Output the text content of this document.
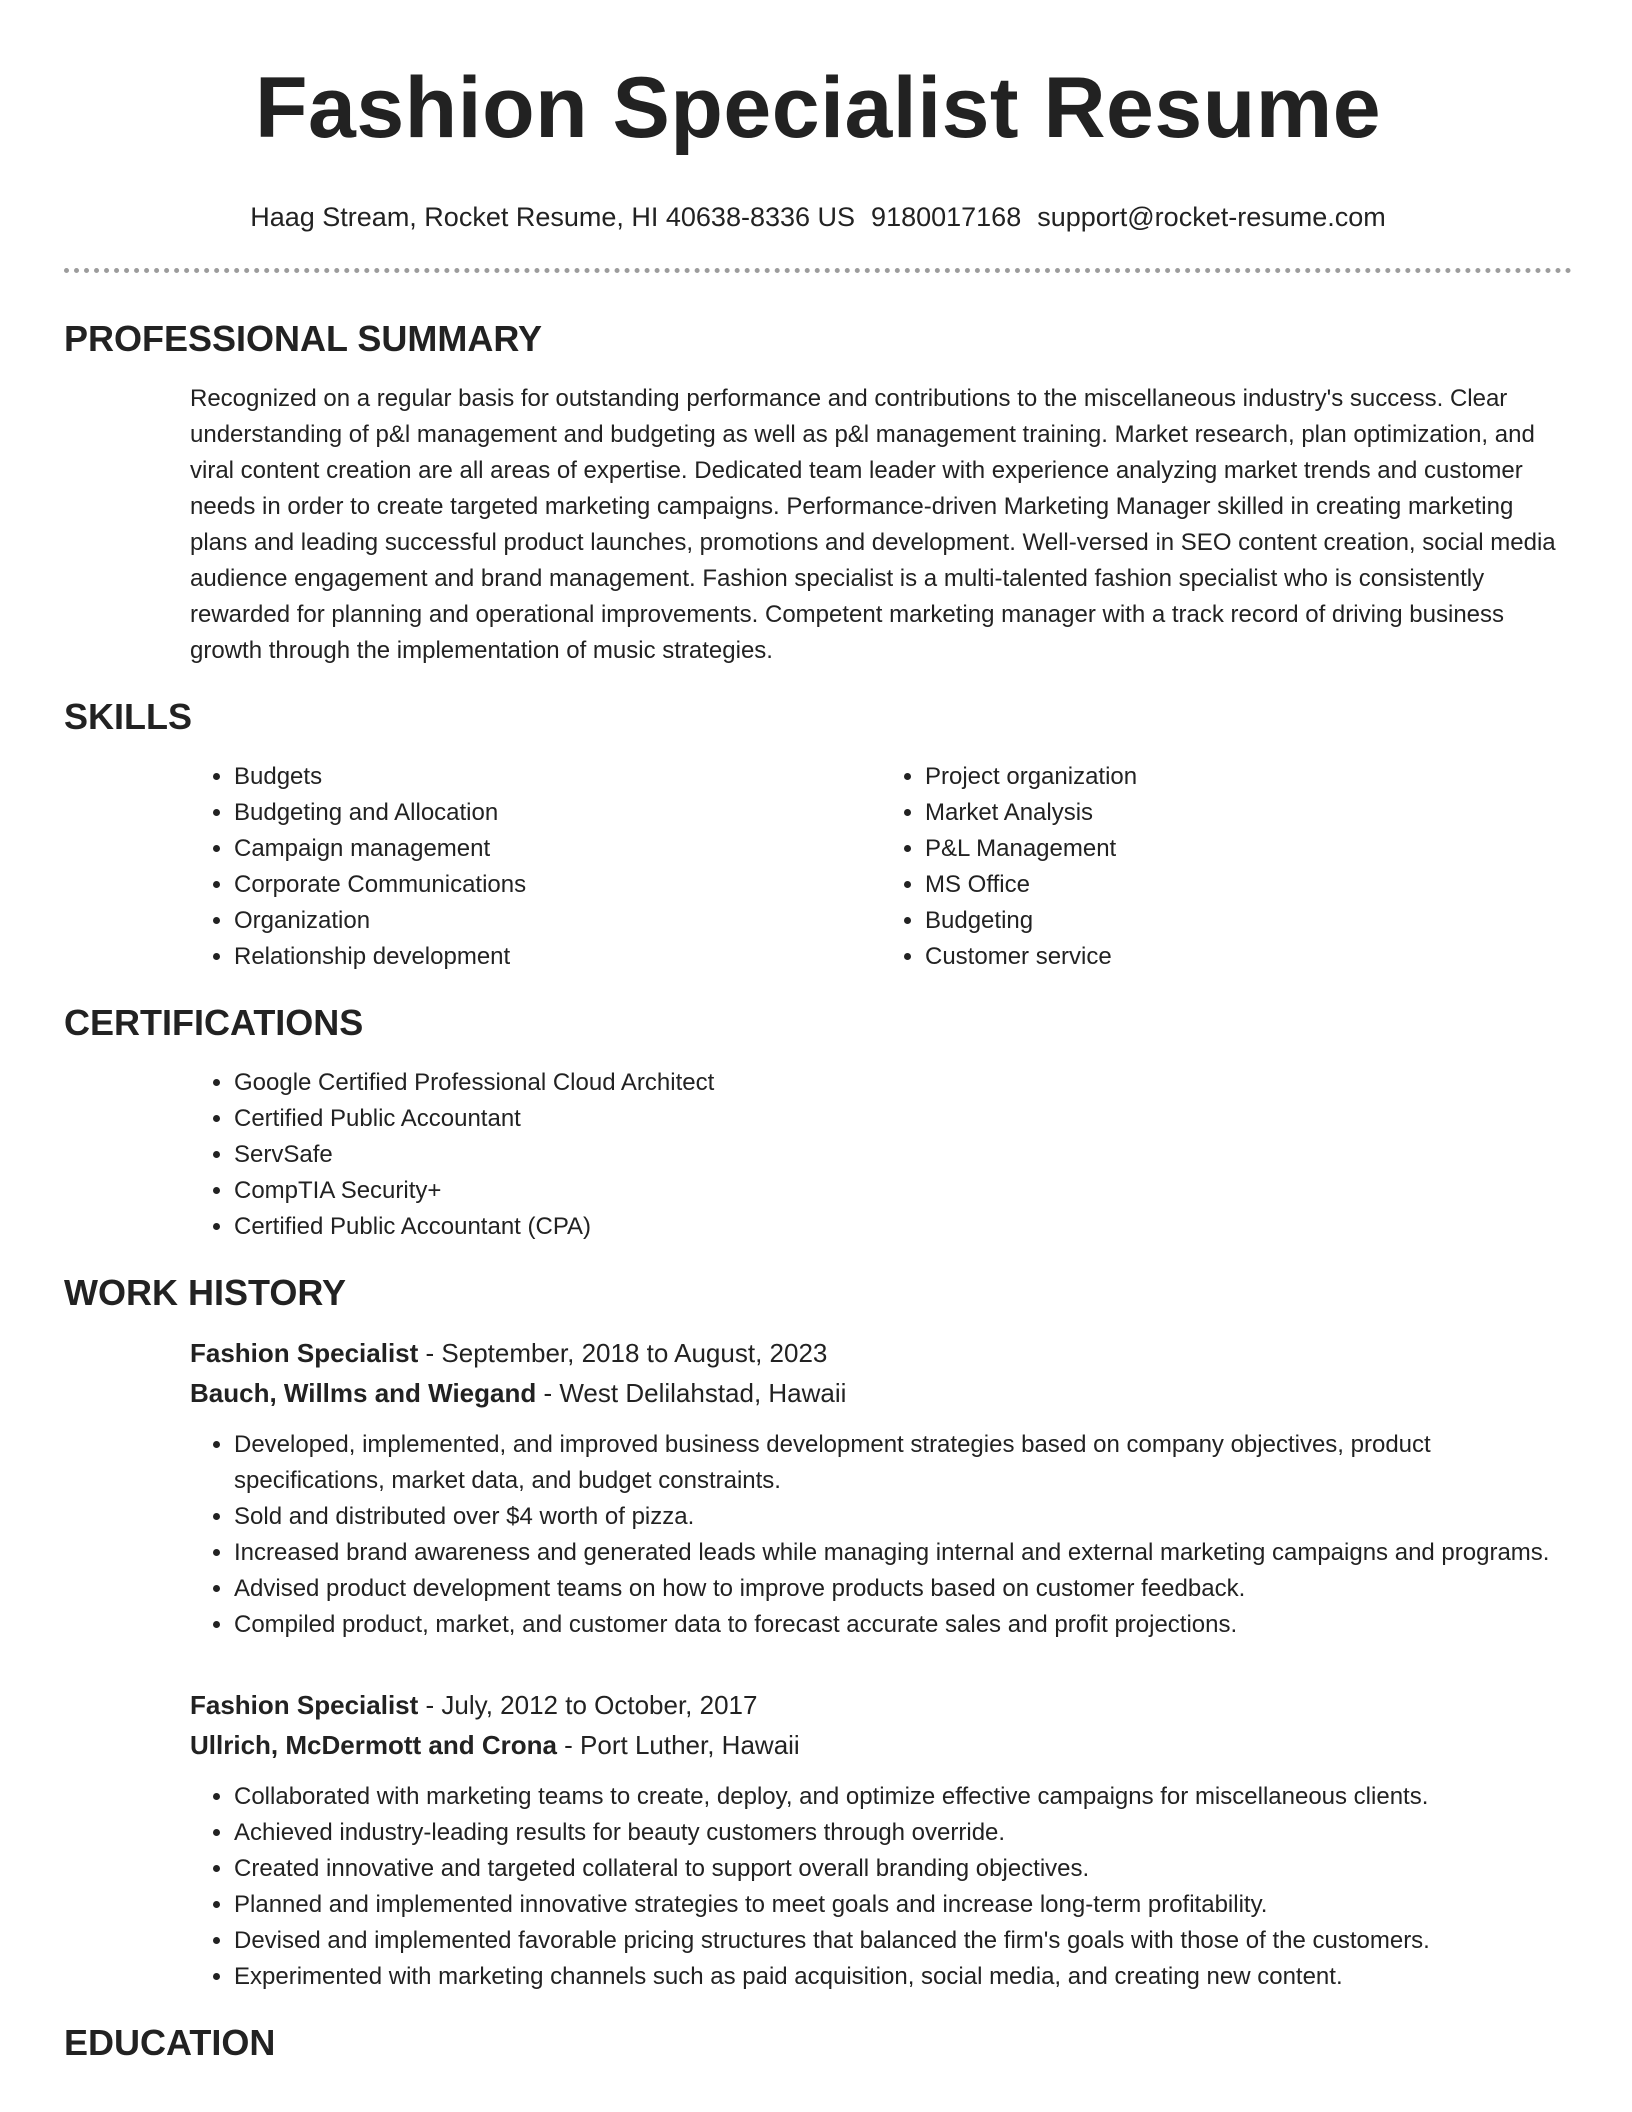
Fashion Specialist Resume
Haag Stream, Rocket Resume, HI 40638-8336 US 9180017168 support@rocket-resume.com
PROFESSIONAL SUMMARY

Recognized on a regular basis for outstanding performance and contributions to the miscellaneous industry's success. Clear understanding of p&l management and budgeting as well as p&l management training. Market research, plan optimization, and viral content creation are all areas of expertise. Dedicated team leader with experience analyzing market trends and customer needs in order to create targeted marketing campaigns. Performance-driven Marketing Manager skilled in creating marketing plans and leading successful product launches, promotions and development. Well-versed in SEO content creation, social media audience engagement and brand management. Fashion specialist is a multi-talented fashion specialist who is consistently rewarded for planning and operational improvements. Competent marketing manager with a track record of driving business growth through the implementation of music strategies.

SKILLS
• Budgets
• Budgeting and Allocation
• Campaign management
• Corporate Communications
• Organization
• Relationship development
• Project organization
• Market Analysis
• P&L Management
• MS Office
• Budgeting
• Customer service
CERTIFICATIONS
• Google Certified Professional Cloud Architect
• Certified Public Accountant
• ServSafe
• CompTIA Security+
• Certified Public Accountant (CPA)
WORK HISTORY

Fashion Specialist - September, 2018 to August, 2023

Bauch, Willms and Wiegand - West Delilahstad, Hawaii

• Developed, implemented, and improved business development strategies based on company objectives, product specifications, market data, and budget constraints.
• Sold and distributed over $4 worth of pizza.
• Increased brand awareness and generated leads while managing internal and external marketing campaigns and programs.
• Advised product development teams on how to improve products based on customer feedback.
• Compiled product, market, and customer data to forecast accurate sales and profit projections.

Fashion Specialist - July, 2012 to October, 2017

Ullrich, McDermott and Crona - Port Luther, Hawaii

• Collaborated with marketing teams to create, deploy, and optimize effective campaigns for miscellaneous clients.
• Achieved industry-leading results for beauty customers through override.
• Created innovative and targeted collateral to support overall branding objectives.
• Planned and implemented innovative strategies to meet goals and increase long-term profitability.
• Devised and implemented favorable pricing structures that balanced the firm's goals with those of the customers.
• Experimented with marketing channels such as paid acquisition, social media, and creating new content.
EDUCATION
